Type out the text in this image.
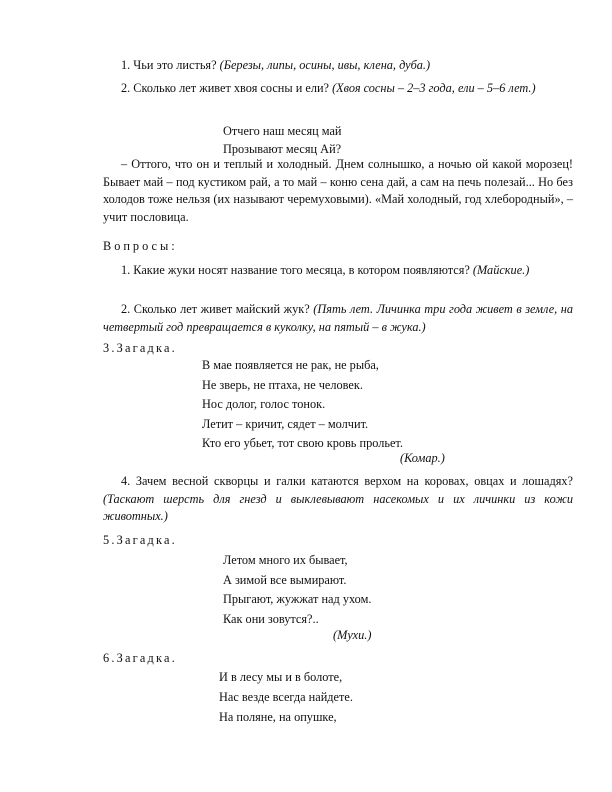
1. Чьи это листья? (Березы, липы, осины, ивы, клена, дуба.)
2. Сколько лет живет хвоя сосны и ели? (Хвоя сосны – 2–3 года, ели – 5–6 лет.)
Отчего наш месяц май
Прозывают месяц Ай?
– Оттого, что он и теплый и холодный. Днем солнышко, а ночью ой какой морозец! Бывает май – под кустиком рай, а то май – коню сена дай, а сам на печь полезай... Но без холодов тоже нельзя (их называют черемуховыми). «Май холодный, год хлебородный», – учит пословица.
Вопросы:
1. Какие жуки носят название того месяца, в котором появляются? (Майские.)
2. Сколько лет живет майский жук? (Пять лет. Личинка три года живет в земле, на четвертый год превращается в куколку, на пятый – в жука.)
3.Загадка.
В мае появляется не рак, не рыба,
Не зверь, не птаха, не человек.
Нос долог, голос тонок.
Летит – кричит, сядет – молчит.
Кто его убьет, тот свою кровь прольет.
(Комар.)
4. Зачем весной скворцы и галки катаются верхом на коровах, овцах и лошадях? (Таскают шерсть для гнезд и выклевывают насекомых и их личинки из кожи животных.)
5.Загадка.
Летом много их бывает,
А зимой все вымирают.
Прыгают, жужжат над ухом.
Как они зовутся?..
(Мухи.)
6.Загадка.
И в лесу мы и в болоте,
Нас везде всегда найдете.
На поляне, на опушке,
